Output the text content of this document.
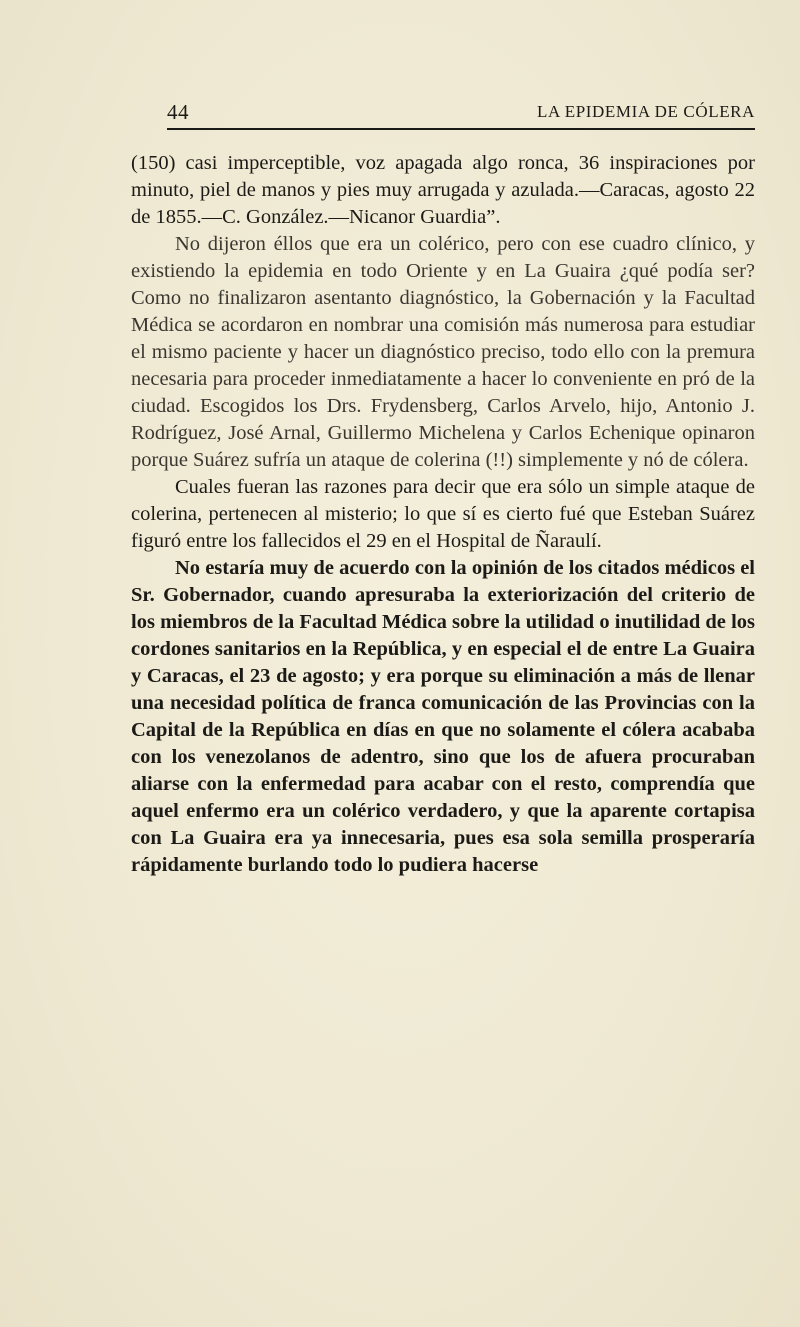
44	LA EPIDEMIA DE CÓLERA

(150) casi imperceptible, voz apagada algo ronca, 36 inspiraciones por minuto, piel de manos y pies muy arrugada y azulada.—Caracas, agosto 22 de 1855.—C. González.—Nicanor Guardia”.

No dijeron éllos que era un colérico, pero con ese cuadro clínico, y existiendo la epidemia en todo Oriente y en La Guaira ¿qué podía ser? Como no finalizaron asentanto diagnóstico, la Gobernación y la Facultad Médica se acordaron en nombrar una comisión más numerosa para estudiar el mismo paciente y hacer un diagnóstico preciso, todo ello con la premura necesaria para proceder inmediatamente a hacer lo conveniente en pró de la ciudad. Escogidos los Drs. Frydensberg, Carlos Arvelo, hijo, Antonio J. Rodríguez, José Arnal, Guillermo Michelena y Carlos Echenique opinaron porque Suárez sufría un ataque de colerina (!!) simplemente y nó de cólera.

Cuales fueran las razones para decir que era sólo un simple ataque de colerina, pertenecen al misterio; lo que sí es cierto fué que Esteban Suárez figuró entre los fallecidos el 29 en el Hospital de Ñaraulí.

No estaría muy de acuerdo con la opinión de los citados médicos el Sr. Gobernador, cuando apresuraba la exteriorización del criterio de los miembros de la Facultad Médica sobre la utilidad o inutilidad de los cordones sanitarios en la República, y en especial el de entre La Guaira y Caracas, el 23 de agosto; y era porque su eliminación a más de llenar una necesidad política de franca comunicación de las Provincias con la Capital de la República en días en que no solamente el cólera acababa con los venezolanos de adentro, sino que los de afuera procuraban aliarse con la enfermedad para acabar con el resto, comprendía que aquel enfermo era un colérico verdadero, y que la aparente cortapisa con La Guaira era ya innecesaria, pues esa sola semilla prosperaría rápidamente burlando todo lo pudiera hacerse
